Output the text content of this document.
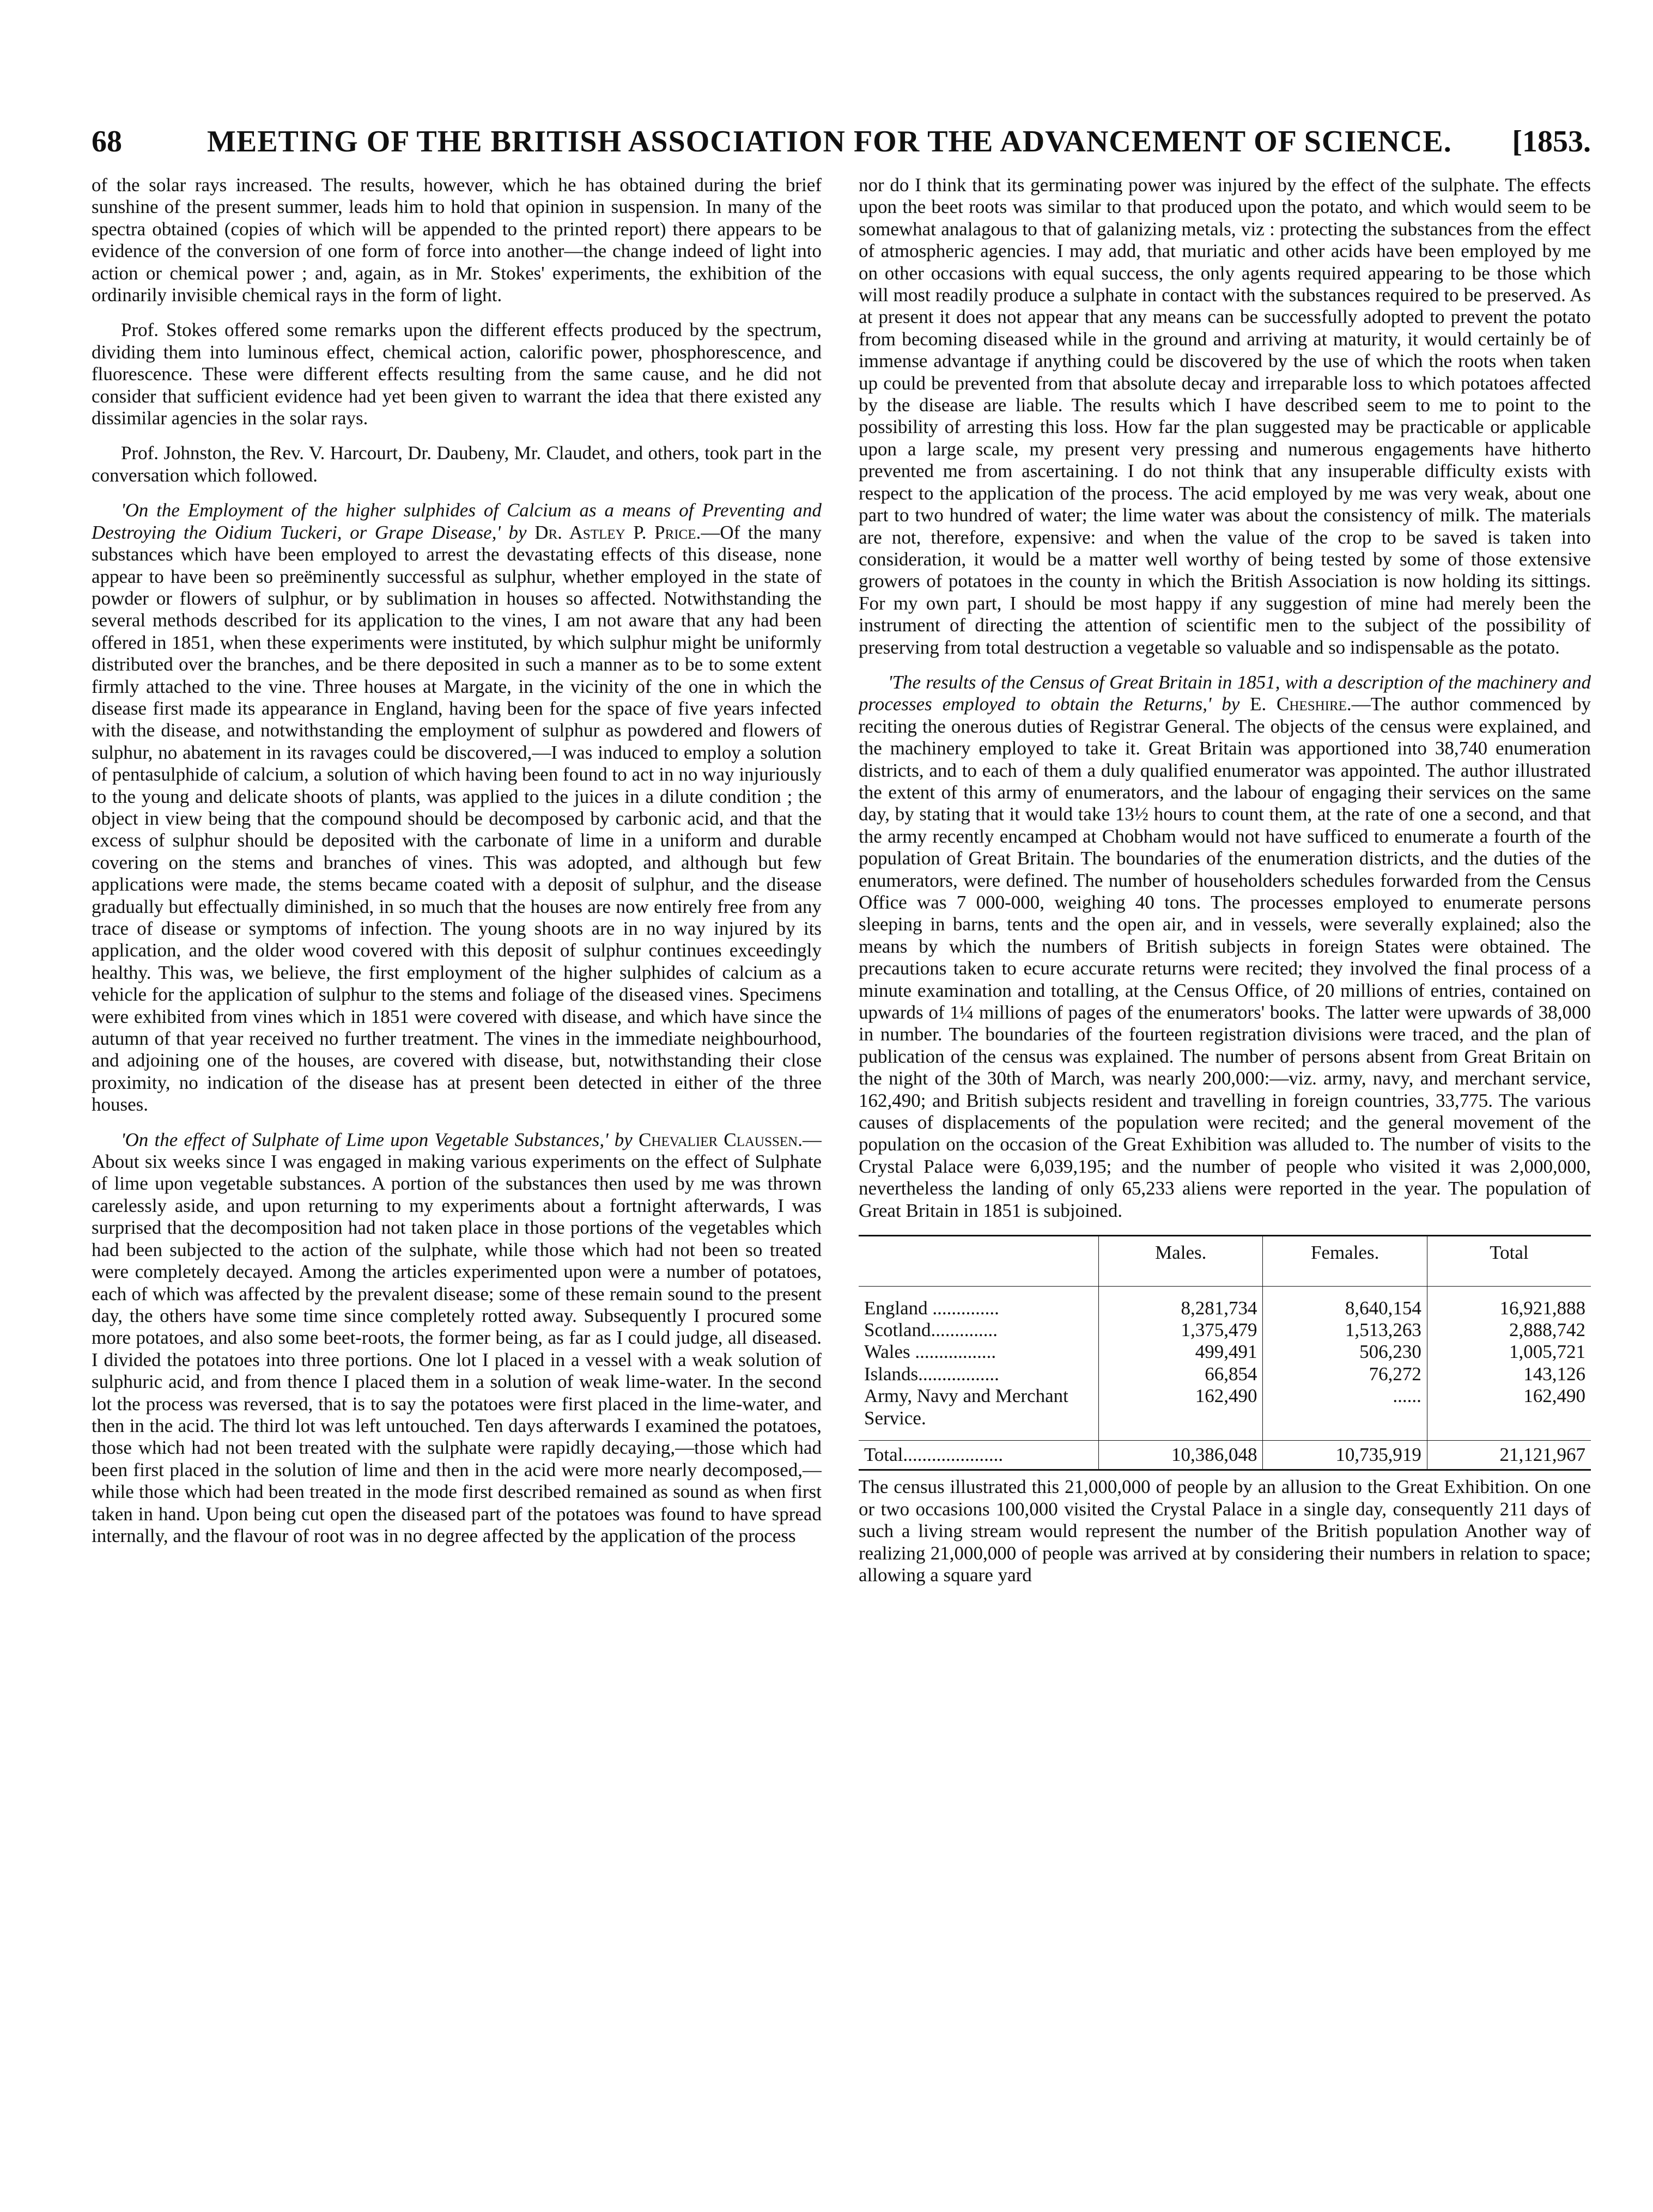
68	MEETING OF THE BRITISH ASSOCIATION FOR THE ADVANCEMENT OF SCIENCE. [1853.

of the solar rays increased. The results, however, which he has obtained during the brief sunshine of the present summer, leads him to hold that opinion in suspension. In many of the spectra obtained (copies of which will be appended to the printed report) there appears to be evidence of the conversion of one form of force into another—the change indeed of light into action or chemical power ; and, again, as in Mr. Stokes' experiments, the exhibition of the ordinarily invisible chemical rays in the form of light.

Prof. Stokes offered some remarks upon the different effects produced by the spectrum, dividing them into luminous effect, chemical action, calorific power, phosphorescence, and fluorescence. These were different effects resulting from the same cause, and he did not consider that sufficient evidence had yet been given to warrant the idea that there existed any dissimilar agencies in the solar rays.

Prof. Johnston, the Rev. V. Harcourt, Dr. Daubeny, Mr. Claudet, and others, took part in the conversation which followed.

'On the Employment of the higher sulphides of Calcium as a means of Preventing and Destroying the Oidium Tuckeri, or Grape Disease,' by Dr. Astley P. Price.—Of the many substances which have been employed to arrest the devastating effects of this disease, none appear to have been so preëminently successful as sulphur, whether employed in the state of powder or flowers of sulphur, or by sublimation in houses so affected. Notwithstanding the several methods described for its application to the vines, I am not aware that any had been offered in 1851, when these experiments were instituted, by which sulphur might be uniformly distributed over the branches, and be there deposited in such a manner as to be to some extent firmly attached to the vine. Three houses at Margate, in the vicinity of the one in which the disease first made its appearance in England, having been for the space of five years infected with the disease, and notwithstanding the employment of sulphur as powdered and flowers of sulphur, no abatement in its ravages could be discovered,—I was induced to employ a solution of pentasulphide of calcium, a solution of which having been found to act in no way injuriously to the young and delicate shoots of plants, was applied to the juices in a dilute condition ; the object in view being that the compound should be decomposed by carbonic acid, and that the excess of sulphur should be deposited with the carbonate of lime in a uniform and durable covering on the stems and branches of vines. This was adopted, and although but few applications were made, the stems became coated with a deposit of sulphur, and the disease gradually but effectually diminished, in so much that the houses are now entirely free from any trace of disease or symptoms of infection. The young shoots are in no way injured by its application, and the older wood covered with this deposit of sulphur continues exceedingly healthy. This was, we believe, the first employment of the higher sulphides of calcium as a vehicle for the application of sulphur to the stems and foliage of the diseased vines. Specimens were exhibited from vines which in 1851 were covered with disease, and which have since the autumn of that year received no further treatment. The vines in the immediate neighbourhood, and adjoining one of the houses, are covered with disease, but, notwithstanding their close proximity, no indication of the disease has at present been detected in either of the three houses.

'On the effect of Sulphate of Lime upon Vegetable Substances,' by Chevalier Claussen.—About six weeks since I was engaged in making various experiments on the effect of Sulphate of lime upon vegetable substances. A portion of the substances then used by me was thrown carelessly aside, and upon returning to my experiments about a fortnight afterwards, I was surprised that the decomposition had not taken place in those portions of the vegetables which had been subjected to the action of the sulphate, while those which had not been so treated were completely decayed. Among the articles experimented upon were a number of potatoes, each of which was affected by the prevalent disease; some of these remain sound to the present day, the others have some time since completely rotted away. Subsequently I procured some more potatoes, and also some beet-roots, the former being, as far as I could judge, all diseased. I divided the potatoes into three portions. One lot I placed in a vessel with a weak solution of sulphuric acid, and from thence I placed them in a solution of weak lime-water. In the second lot the process was reversed, that is to say the potatoes were first placed in the lime-water, and then in the acid. The third lot was left untouched. Ten days afterwards I examined the potatoes, those which had not been treated with the sulphate were rapidly decaying,—those which had been first placed in the solution of lime and then in the acid were more nearly decomposed,—while those which had been treated in the mode first described remained as sound as when first taken in hand. Upon being cut open the diseased part of the potatoes was found to have spread internally, and the flavour of root was in no degree affected by the application of the process

nor do I think that its germinating power was injured by the effect of the sulphate. The effects upon the beet roots was similar to that produced upon the potato, and which would seem to be somewhat analagous to that of galanizing metals, viz : protecting the substances from the effect of atmospheric agencies. I may add, that muriatic and other acids have been employed by me on other occasions with equal success, the only agents required appearing to be those which will most readily produce a sulphate in contact with the substances required to be preserved. As at present it does not appear that any means can be successfully adopted to prevent the potato from becoming diseased while in the ground and arriving at maturity, it would certainly be of immense advantage if anything could be discovered by the use of which the roots when taken up could be prevented from that absolute decay and irreparable loss to which potatoes affected by the disease are liable. The results which I have described seem to me to point to the possibility of arresting this loss. How far the plan suggested may be practicable or applicable upon a large scale, my present very pressing and numerous engagements have hitherto prevented me from ascertaining. I do not think that any insuperable difficulty exists with respect to the application of the process. The acid employed by me was very weak, about one part to two hundred of water; the lime water was about the consistency of milk. The materials are not, therefore, expensive: and when the value of the crop to be saved is taken into consideration, it would be a matter well worthy of being tested by some of those extensive growers of potatoes in the county in which the British Association is now holding its sittings. For my own part, I should be most happy if any suggestion of mine had merely been the instrument of directing the attention of scientific men to the subject of the possibility of preserving from total destruction a vegetable so valuable and so indispensable as the potato.

'The results of the Census of Great Britain in 1851, with a description of the machinery and processes employed to obtain the Returns,' by E. Cheshire.—The author commenced by reciting the onerous duties of Registrar General. The objects of the census were explained, and the machinery employed to take it. Great Britain was apportioned into 38,740 enumeration districts, and to each of them a duly qualified enumerator was appointed. The author illustrated the extent of this army of enumerators, and the labour of engaging their services on the same day, by stating that it would take 13½ hours to count them, at the rate of one a second, and that the army recently encamped at Chobham would not have sufficed to enumerate a fourth of the population of Great Britain. The boundaries of the enumeration districts, and the duties of the enumerators, were defined. The number of householders schedules forwarded from the Census Office was 7 000-000, weighing 40 tons. The processes employed to enumerate persons sleeping in barns, tents and the open air, and in vessels, were severally explained; also the means by which the numbers of British subjects in foreign States were obtained. The precautions taken to ecure accurate returns were recited; they involved the final process of a minute examination and totalling, at the Census Office, of 20 millions of entries, contained on upwards of 1¼ millions of pages of the enumerators' books. The latter were upwards of 38,000 in number. The boundaries of the fourteen registration divisions were traced, and the plan of publication of the census was explained. The number of persons absent from Great Britain on the night of the 30th of March, was nearly 200,000:—viz. army, navy, and merchant service, 162,490; and British subjects resident and travelling in foreign countries, 33,775. The various causes of displacements of the population were recited; and the general movement of the population on the occasion of the Great Exhibition was alluded to. The number of visits to the Crystal Palace were 6,039,195; and the number of people who visited it was 2,000,000, nevertheless the landing of only 65,233 aliens were reported in the year. The population of Great Britain in 1851 is subjoined.

	Males.	Females.	Total

England ..............	8,281,734	8,640,154	16,921,888
Scotland..............	1,375,479	1,513,263	2,888,742
Wales .................	499,491	506,230	1,005,721
Islands.................	66,854	76,272	143,126
Army, Navy and Merchant Service.	162,490	......	162,490

Total.....................	10,386,048	10,735,919	21,121,967

The census illustrated this 21,000,000 of people by an allusion to the Great Exhibition. On one or two occasions 100,000 visited the Crystal Palace in a single day, consequently 211 days of such a living stream would represent the number of the British population Another way of realizing 21,000,000 of people was arrived at by considering their numbers in relation to space; allowing a square yard
